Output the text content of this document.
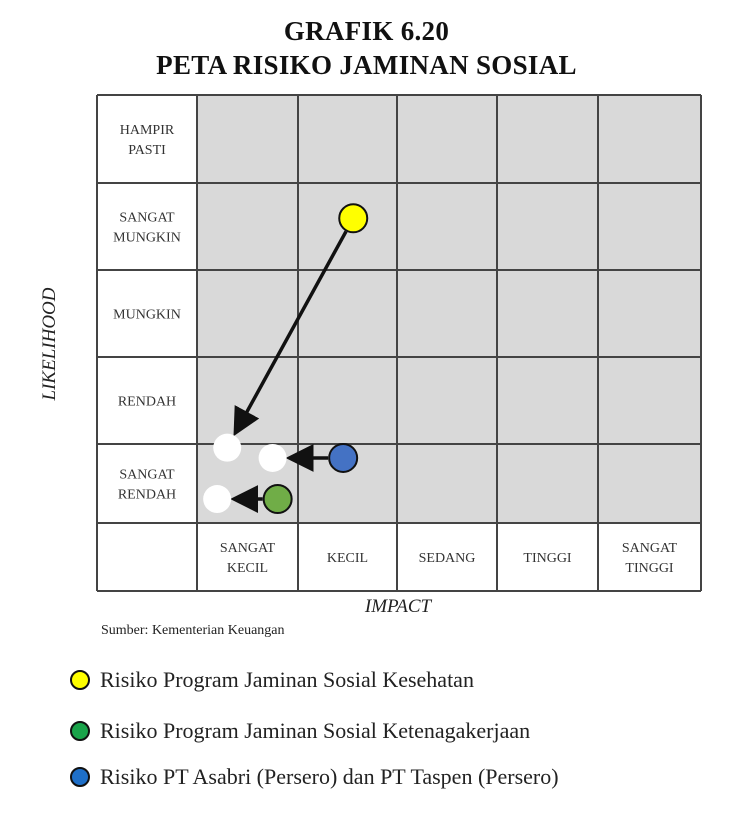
GRAFIK 6.20
PETA RISIKO JAMINAN SOSIAL
SANGAT RENDAH
RENDAH
MUNGKIN
SANGAT MUNGKIN
HAMPIR PASTI
SANGAT KECIL
KECIL	SEDANG	TINGGI
SANGAT TINGGI
LIKELIHOOD
IMPACT
Sumber: Kementerian Keuangan
Risiko Program Jaminan Sosial Kesehatan
Risiko Program Jaminan Sosial Ketenagakerjaan
Risiko PT Asabri (Persero) dan PT Taspen (Persero)
